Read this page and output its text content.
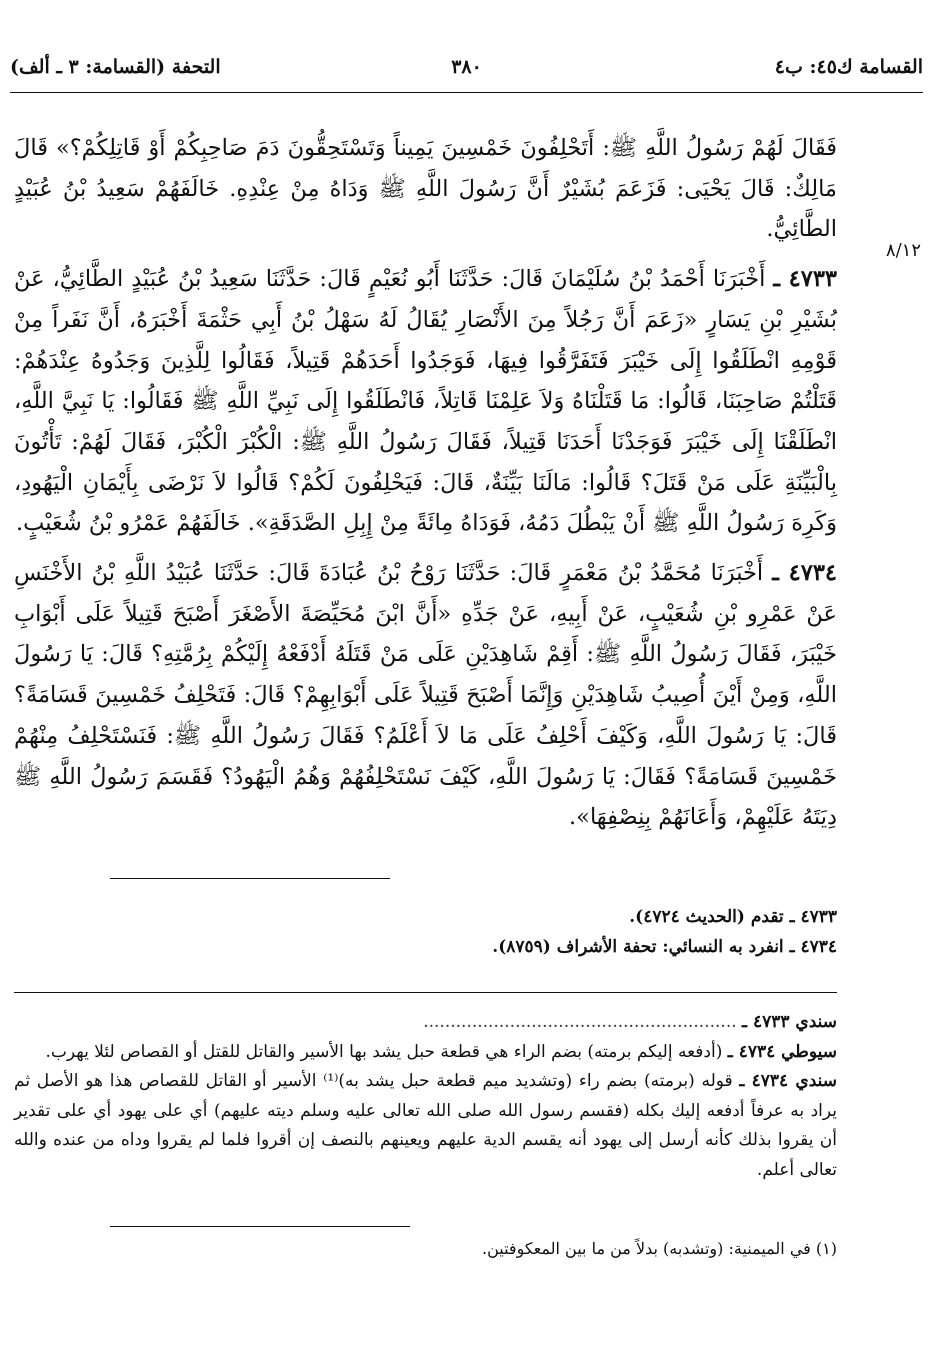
القسامة ك٤٥: ب٤
٣٨٠
التحفة (القسامة: ٣ ـ ألف)
٨/١٢

فَقَالَ لَهُمْ رَسُولُ اللَّهِ ﷺ: أَتَحْلِفُونَ خَمْسِينَ يَمِيناً وَتَسْتَحِقُّونَ دَمَ صَاحِبِكُمْ أَوْ قَاتِلِكُمْ؟» قَالَ مَالِكٌ: قَالَ يَحْيَى: فَزَعَمَ بُشَيْرٌ أَنَّ رَسُولَ اللَّهِ ﷺ وَدَاهُ مِنْ عِنْدِهِ. خَالَفَهُمْ سَعِيدُ بْنُ عُبَيْدٍ الطَّائِيُّ.

٤٧٣٣ ـ أَخْبَرَنَا أَحْمَدُ بْنُ سُلَيْمَانَ قَالَ: حَدَّثَنَا أَبُو نُعَيْمٍ قَالَ: حَدَّثَنَا سَعِيدُ بْنُ عُبَيْدٍ الطَّائِيُّ، عَنْ بُشَيْرِ بْنِ يَسَارٍ «زَعَمَ أَنَّ رَجُلاً مِنَ الأَنْصَارِ يُقَالُ لَهُ سَهْلُ بْنُ أَبِي حَثْمَةَ أَخْبَرَهُ، أَنَّ نَفَراً مِنْ قَوْمِهِ انْطَلَقُوا إِلَى خَيْبَرَ فَتَفَرَّقُوا فِيهَا، فَوَجَدُوا أَحَدَهُمْ قَتِيلاً، فَقَالُوا لِلَّذِينَ وَجَدُوهُ عِنْدَهُمْ: قَتَلْتُمْ صَاحِبَنَا، قَالُوا: مَا قَتَلْنَاهُ وَلاَ عَلِمْنَا قَاتِلاً، فَانْطَلَقُوا إِلَى نَبِيِّ اللَّهِ ﷺ فَقَالُوا: يَا نَبِيَّ اللَّهِ، انْطَلَقْنَا إِلَى خَيْبَرَ فَوَجَدْنَا أَحَدَنَا قَتِيلاً، فَقَالَ رَسُولُ اللَّهِ ﷺ: الْكُبْرَ الْكُبْرَ، فَقَالَ لَهُمْ: تَأْتُونَ بِالْبَيِّنَةِ عَلَى مَنْ قَتَلَ؟ قَالُوا: مَالَنَا بَيِّنَةٌ، قَالَ: فَيَحْلِفُونَ لَكُمْ؟ قَالُوا لاَ نَرْضَى بِأَيْمَانِ الْيَهُودِ، وَكَرِهَ رَسُولُ اللَّهِ ﷺ أَنْ يَبْطُلَ دَمُهُ، فَوَدَاهُ مِائَةً مِنْ إِبِلِ الصَّدَقَةِ». خَالَفَهُمْ عَمْرُو بْنُ شُعَيْبٍ.

٤٧٣٤ ـ أَخْبَرَنَا مُحَمَّدُ بْنُ مَعْمَرٍ قَالَ: حَدَّثَنَا رَوْحُ بْنُ عُبَادَةَ قَالَ: حَدَّثَنَا عُبَيْدُ اللَّهِ بْنُ الأَخْنَسِ عَنْ عَمْرِو بْنِ شُعَيْبٍ، عَنْ أَبِيهِ، عَنْ جَدِّهِ «أَنَّ ابْنَ مُحَيِّصَةَ الأَصْغَرَ أَصْبَحَ قَتِيلاً عَلَى أَبْوَابِ خَيْبَرَ، فَقَالَ رَسُولُ اللَّهِ ﷺ: أَقِمْ شَاهِدَيْنِ عَلَى مَنْ قَتَلَهُ أَدْفَعْهُ إِلَيْكُمْ بِرُمَّتِهِ؟ قَالَ: يَا رَسُولَ اللَّهِ، وَمِنْ أَيْنَ أُصِيبُ شَاهِدَيْنِ وَإِنَّمَا أَصْبَحَ قَتِيلاً عَلَى أَبْوَابِهِمْ؟ قَالَ: فَتَحْلِفُ خَمْسِينَ قَسَامَةً؟ قَالَ: يَا رَسُولَ اللَّهِ، وَكَيْفَ أَحْلِفُ عَلَى مَا لاَ أَعْلَمُ؟ فَقَالَ رَسُولُ اللَّهِ ﷺ: فَنَسْتَحْلِفُ مِنْهُمْ خَمْسِينَ قَسَامَةً؟ فَقَالَ: يَا رَسُولَ اللَّهِ، كَيْفَ نَسْتَحْلِفُهُمْ وَهُمُ الْيَهُودُ؟ فَقَسَمَ رَسُولُ اللَّهِ ﷺ دِيَتَهُ عَلَيْهِمْ، وَأَعَانَهُمْ بِنِصْفِهَا».

٤٧٣٣ ـ تقدم (الحديث ٤٧٢٤).
٤٧٣٤ ـ انفرد به النسائي: تحفة الأشراف (٨٧٥٩).

سندي ٤٧٣٣ ـ ..........................................................

سيوطي ٤٧٣٤ ـ (أدفعه إليكم برمته) بضم الراء هي قطعة حبل يشد بها الأسير والقاتل للقتل أو القصاص لئلا يهرب.

سندي ٤٧٣٤ ـ قوله (برمته) بضم راء (وتشديد ميم قطعة حبل يشد به)⁽¹⁾ الأسير أو القاتل للقصاص هذا هو الأصل ثم يراد به عرفاً أدفعه إليك بكله (فقسم رسول الله صلى الله تعالى عليه وسلم ديته عليهم) أي على يهود أي على تقدير أن يقروا بذلك كأنه أرسل إلى يهود أنه يقسم الدية عليهم ويعينهم بالنصف إن أقروا فلما لم يقروا وداه من عنده والله تعالى أعلم.

(١) في الميمنية: (وتشدبه) بدلاً من ما بين المعكوفتين.
